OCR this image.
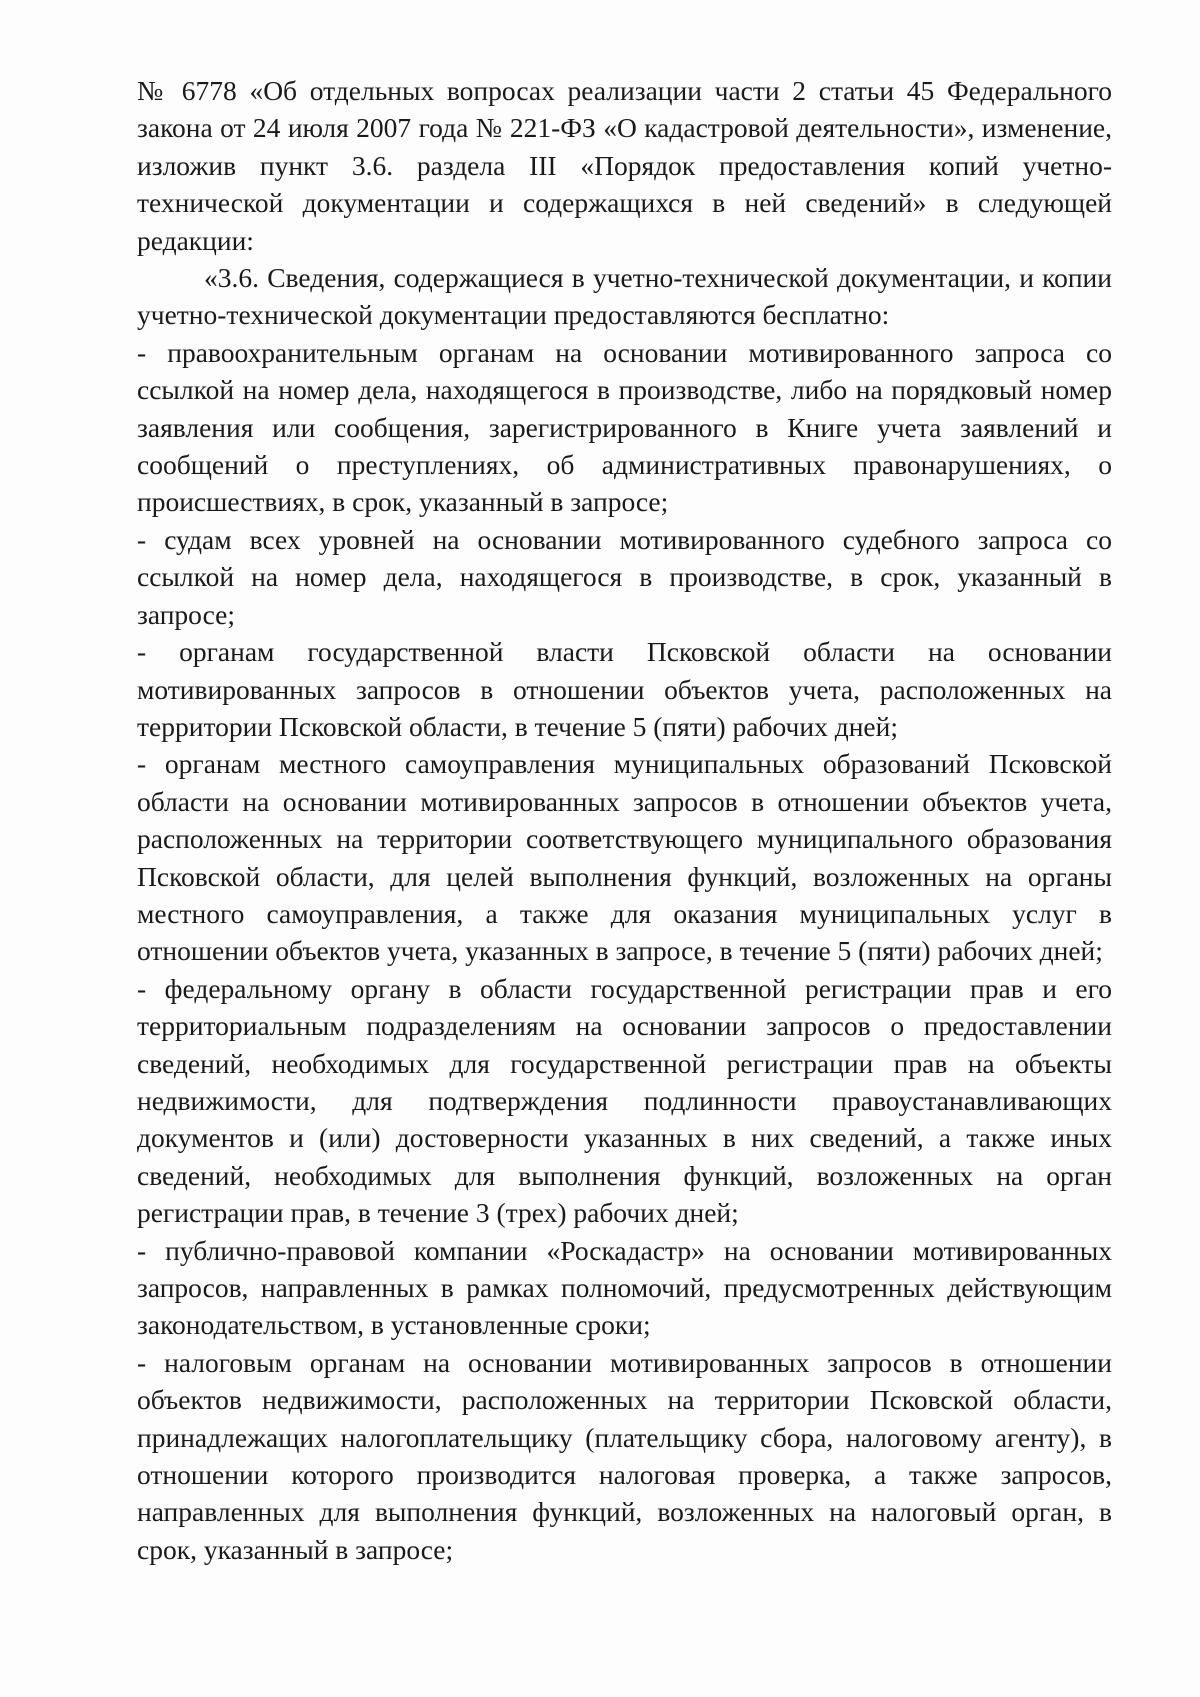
№ 6778 «Об отдельных вопросах реализации части 2 статьи 45 Федерального закона от 24 июля 2007 года № 221-ФЗ «О кадастровой деятельности», изменение, изложив пункт 3.6. раздела III «Порядок предоставления копий учетно-технической документации и содержащихся в ней сведений» в следующей редакции:

«3.6. Сведения, содержащиеся в учетно-технической документации, и копии учетно-технической документации предоставляются бесплатно:

- правоохранительным органам на основании мотивированного запроса со ссылкой на номер дела, находящегося в производстве, либо на порядковый номер заявления или сообщения, зарегистрированного в Книге учета заявлений и сообщений о преступлениях, об административных правонарушениях, о происшествиях, в срок, указанный в запросе;

- судам всех уровней на основании мотивированного судебного запроса со ссылкой на номер дела, находящегося в производстве, в срок, указанный в запросе;

- органам государственной власти Псковской области на основании мотивированных запросов в отношении объектов учета, расположенных на территории Псковской области, в течение 5 (пяти) рабочих дней;

- органам местного самоуправления муниципальных образований Псковской области на основании мотивированных запросов в отношении объектов учета, расположенных на территории соответствующего муниципального образования Псковской области, для целей выполнения функций, возложенных на органы местного самоуправления, а также для оказания муниципальных услуг в отношении объектов учета, указанных в запросе, в течение 5 (пяти) рабочих дней;

- федеральному органу в области государственной регистрации прав и его территориальным подразделениям на основании запросов о предоставлении сведений, необходимых для государственной регистрации прав на объекты недвижимости, для подтверждения подлинности правоустанавливающих документов и (или) достоверности указанных в них сведений, а также иных сведений, необходимых для выполнения функций, возложенных на орган регистрации прав, в течение 3 (трех) рабочих дней;

- публично-правовой компании «Роскадастр» на основании мотивированных запросов, направленных в рамках полномочий, предусмотренных действующим законодательством, в установленные сроки;

- налоговым органам на основании мотивированных запросов в отношении объектов недвижимости, расположенных на территории Псковской области, принадлежащих налогоплательщику (плательщику сбора, налоговому агенту), в отношении которого производится налоговая проверка, а также запросов, направленных для выполнения функций, возложенных на налоговый орган, в срок, указанный в запросе;
